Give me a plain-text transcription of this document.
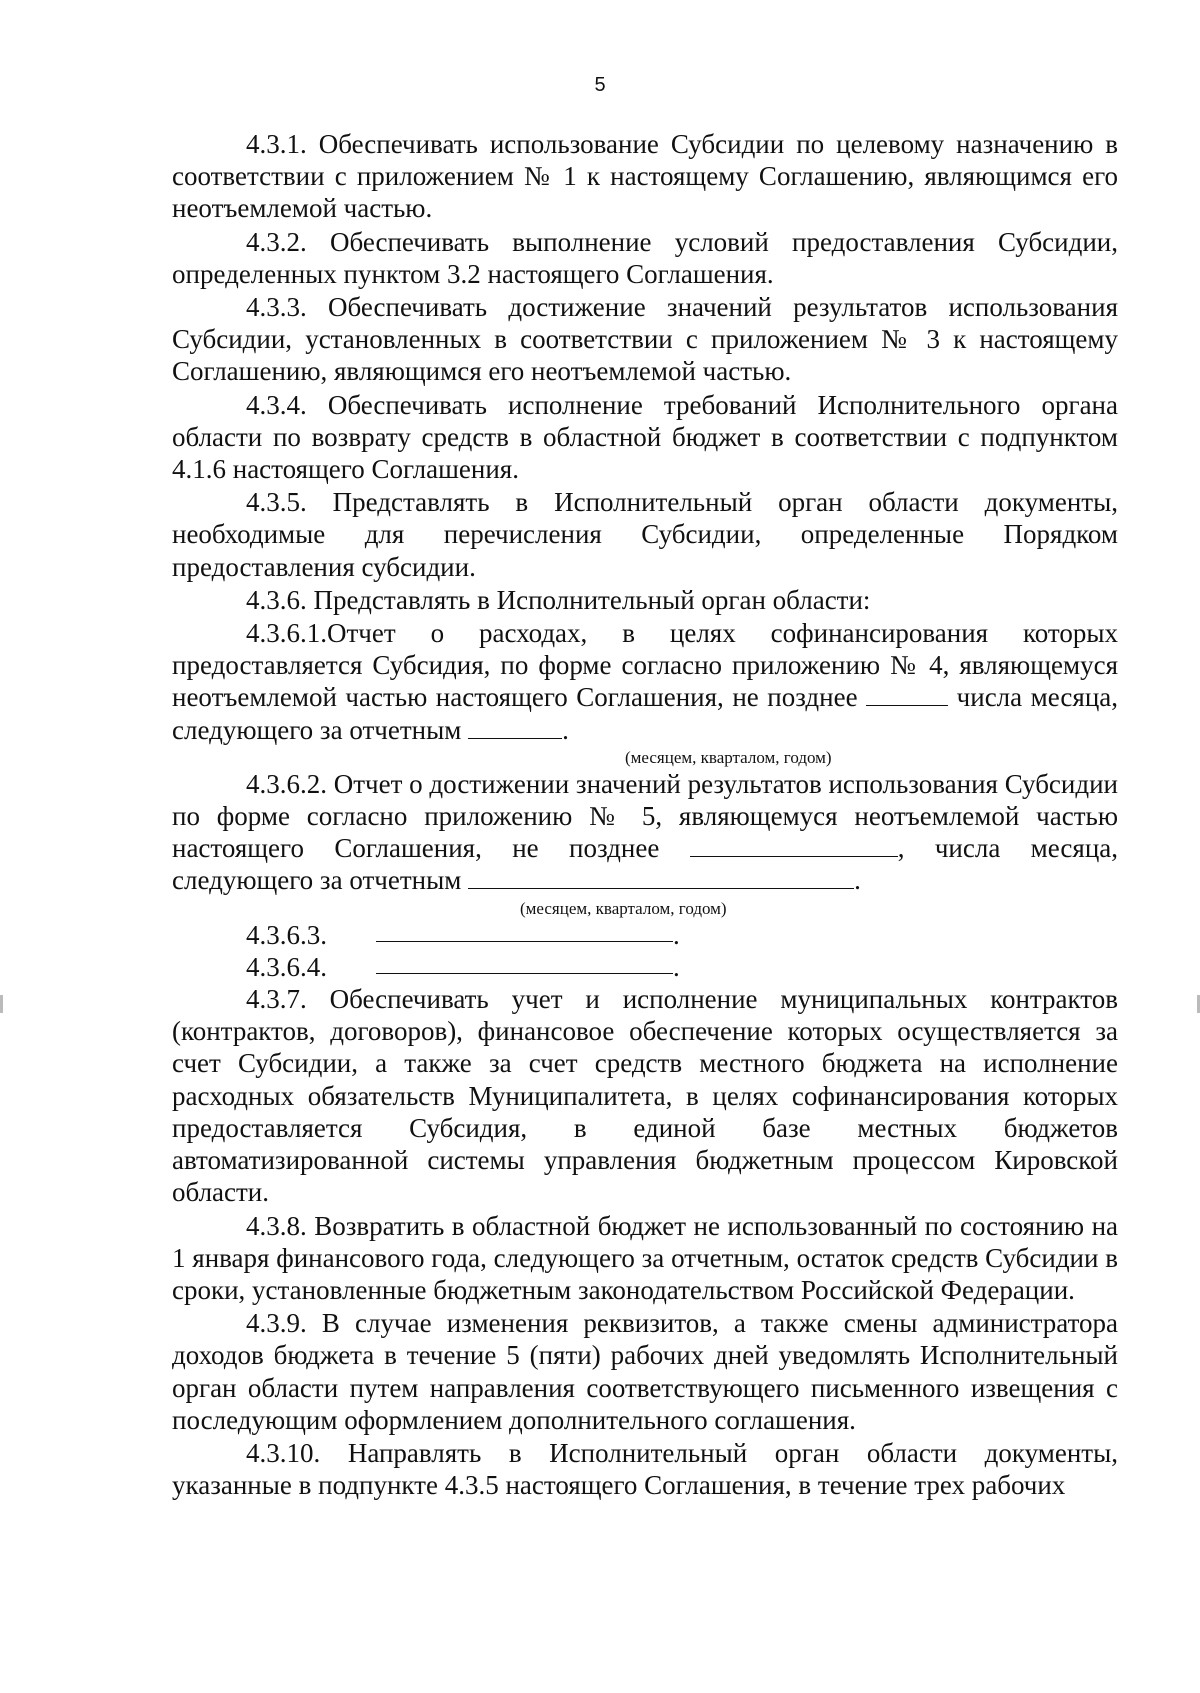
5

4.3.1. Обеспечивать использование Субсидии по целевому назначению в соответствии с приложением № 1 к настоящему Соглашению, являющимся его неотъемлемой частью.

4.3.2. Обеспечивать выполнение условий предоставления Субсидии, определенных пунктом 3.2 настоящего Соглашения.

4.3.3. Обеспечивать достижение значений результатов использования Субсидии, установленных в соответствии с приложением № 3 к настоящему Соглашению, являющимся его неотъемлемой частью.

4.3.4. Обеспечивать исполнение требований Исполнительного органа области по возврату средств в областной бюджет в соответствии с подпунктом 4.1.6 настоящего Соглашения.

4.3.5. Представлять в Исполнительный орган области документы, необходимые для перечисления Субсидии, определенные Порядком предоставления субсидии.

4.3.6. Представлять в Исполнительный орган области:

4.3.6.1.Отчет о расходах, в целях софинансирования которых предоставляется Субсидия, по форме согласно приложению № 4, являющемуся неотъемлемой частью настоящего Соглашения, не позднее	числа месяца, следующего за отчетным	.

(месяцем, кварталом, годом)

4.3.6.2. Отчет о достижении значений результатов использования Субсидии по форме согласно приложению № 5, являющемуся неотъемлемой частью настоящего Соглашения, не позднее	, числа месяца, следующего за отчетным	.

(месяцем, кварталом, годом)

4.3.6.3.	.
4.3.6.4.	.

4.3.7. Обеспечивать учет и исполнение муниципальных контрактов (контрактов, договоров), финансовое обеспечение которых осуществляется за счет Субсидии, а также за счет средств местного бюджета на исполнение расходных обязательств Муниципалитета, в целях софинансирования которых предоставляется Субсидия, в единой базе местных бюджетов автоматизированной системы управления бюджетным процессом Кировской области.

4.3.8. Возвратить в областной бюджет не использованный по состоянию на 1 января финансового года, следующего за отчетным, остаток средств Субсидии в сроки, установленные бюджетным законодательством Российской Федерации.

4.3.9. В случае изменения реквизитов, а также смены администратора доходов бюджета в течение 5 (пяти) рабочих дней уведомлять Исполнительный орган области путем направления соответствующего письменного извещения с последующим оформлением дополнительного соглашения.

4.3.10. Направлять в Исполнительный орган области документы, указанные в подпункте 4.3.5 настоящего Соглашения, в течение трех рабочих
